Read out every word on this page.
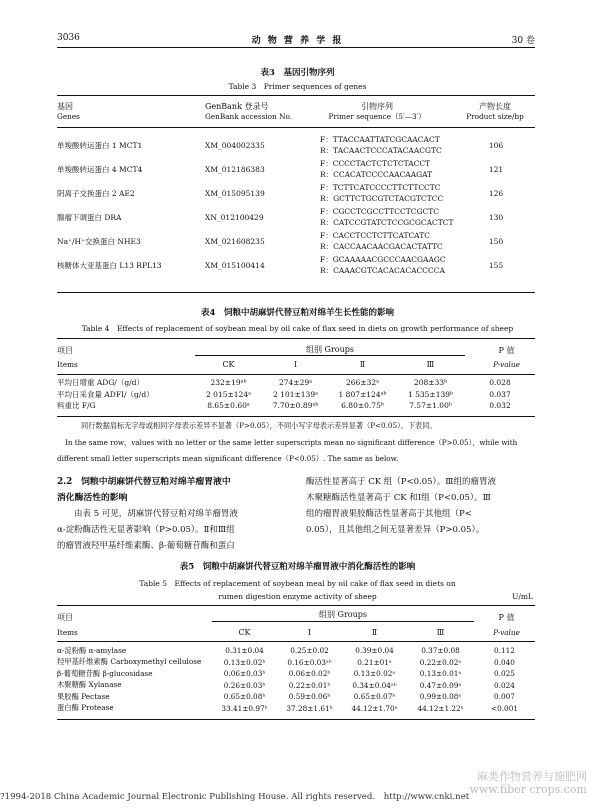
3036	动 物 营 养 学 报	30 卷
表3　基因引物序列
Table 3　Primer sequences of genes
基因
Genes
GenBank 登录号
GenBank accession No.
引物序列
Primer sequence（5′—3′）
产物长度
Product size/bp
单羧酸转运蛋白 1 MCT1	XM_004002335	F：TTACCAATTATCGCAACACT
R：TACAACTCCCATACAACGTC	106
单羧酸转运蛋白 4 MCT4	XM_012186383	F：CCCCTACTCTCTCTACCT
R：CCACATCCCCAACAAGAT	121
阴离子交换蛋白 2 AE2	XM_015095139	F：TCTTCATCCCCTTCTTCCTC
R：GCTTCTGCGTCTACGTCTCC	126
腺瘤下调蛋白 DRA	XN_012100429	F：CGCCTCGCCTTCCTCGCTC
R：CATCCGTATCTCCGCGCACTCT	130
Na⁺/H⁺交换蛋白 NHE3	XM_021608235	F：CACCTCCTCTTCATCATC
R：CACCAACAACGACACTATTC	150
核糖体大亚基蛋白 L13 RPL13	XM_015100414	F：GCAAAAACGCCCAACGAAGC
R：CAAACGTCACACACACCCCA	155
表4　饲粮中胡麻饼代替豆粕对绵羊生长性能的影响
Table 4　Effects of replacement of soybean meal by oil cake of flax seed in diets on growth performance of sheep
项目
Items
组别 Groups	P 值
P-value
CK	Ⅰ	Ⅱ	Ⅲ
平均日增重 ADG/（g/d）	232±19ᵃᵇ	274±29ᵃ	266±32ᵃ	208±33ᵇ	0.028
平均日采食量 ADFI/（g/d）	2 015±124ᵃ	2 101±139ᵃ	1 807±124ᵃᵇ	1 535±139ᵇ	0.037
料重比 F/G	8.65±0.60ᵃ	7.70±0.89ᵃᵇ	6.80±0.75ᵇ	7.57±1.00ᵇ	0.032
同行数据肩标无字母或相同字母表示差异不显著（P>0.05），不同小写字母表示差异显著（P<0.05）。下表同。
In the same row，values with no letter or the same letter superscripts mean no significant difference（P>0.05），while with
different small letter superscripts mean significant difference（P<0.05）. The same as below.
2.2　饲粮中胡麻饼代替豆粕对绵羊瘤胃液中
消化酶活性的影响
由表 5 可见，胡麻饼代替豆粕对绵羊瘤胃液
α-淀粉酶活性无显著影响（P>0.05）。Ⅱ和Ⅲ组
的瘤胃液羟甲基纤维素酶、β-葡萄糖苷酶和蛋白
酶活性显著高于 CK 组（P<0.05）。Ⅲ组的瘤胃液
木聚糖酶活性显著高于 CK 和Ⅰ组（P<0.05）。Ⅲ
组的瘤胃液果胶酶活性显著高于其他组（P<
0.05），且其他组之间无显著差异（P>0.05）。
表5　饲粮中胡麻饼代替豆粕对绵羊瘤胃液中消化酶活性的影响
Table 5　Effects of replacement of soybean meal by oil cake of flax seed in diets on
rumen digestion enzyme activity of sheep	U/mL
项目
Items
组别 Groups	P 值
P-value
CK	Ⅰ	Ⅱ	Ⅲ
α-淀粉酶 α-amylase	0.31±0.04	0.25±0.02	0.39±0.04	0.37±0.08	0.112
羟甲基纤维素酶 Carboxymethyl cellulose	0.13±0.02ᵇ	0.16±0.03ᵃᵇ	0.21±01ᵃ	0.22±0.02ᵃ	0.040
β-葡萄糖苷酶 β-glucosidase	0.06±0.03ᵇ	0.06±0.02ᵇ	0.13±0.02ᵃ	0.13±0.01ᵃ	0.025
木聚糖酶 Xylanase	0.26±0.03ᵇ	0.22±0.01ᵇ	0.34±0.04ᵃᵇ	0.47±0.09ᵃ	0.024
果胶酶 Pectase	0.65±0.08ᵇ	0.59±0.06ᵇ	0.65±0.07ᵇ	0.99±0.08ᵃ	0.007
蛋白酶 Protease	33.41±0.97ᵇ	37.28±1.61ᵇ	44.12±1.70ᵃ	44.12±1.22ᵃ	<0.001
麻类作物营养与施肥网
www.fiber crops.com
?1994-2018 China Academic Journal Electronic Publishing House. All rights reserved.　http://www.cnki.net
